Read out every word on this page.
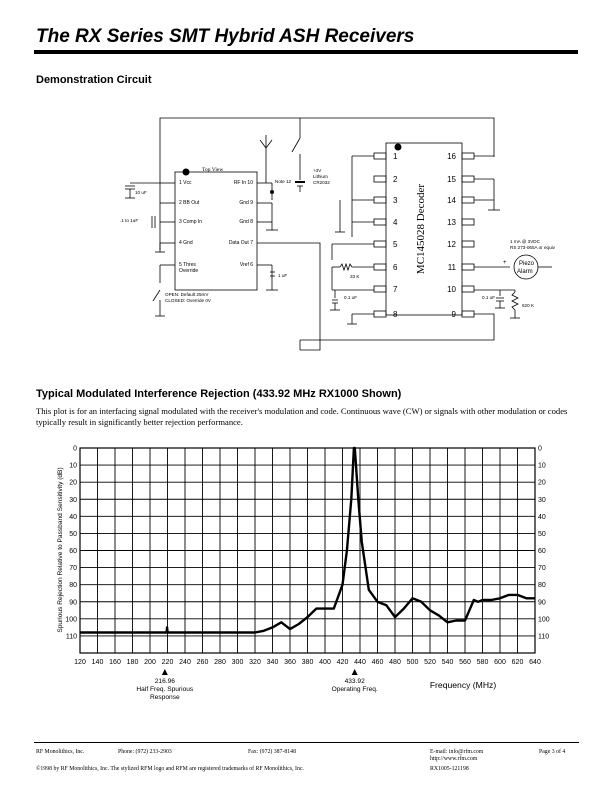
The RX Series SMT Hybrid ASH Receivers
Demonstration Circuit
Top View
1 Vcc
2 BB Out
3 Comp In
4 Gnd
5 Thres
Override
RF In 10
Gnd 9
Gnd 8
Data Out 7
Vref 6
10 uF
.1 to 1uF
1 uF
Note 12
+3V
Lithium
CR2032
OPEN: Default 25mV
CLOSED: Override 0V
33 K
0.1 uF	0.1 uF
620 K
1 mA @ 3VDC
RS 273-065A or equiv
Piezo
Alarm
+
MC145028 Decoder
1
2
3
4
5
6
7
8
16
15
14
13
12
11
10
9
Typical Modulated Interference Rejection (433.92 MHz RX1000 Shown)
This plot is for an interfacing signal modulated with the receiver's modulation and code. Continuous wave (CW) or signals with other modulation or codes typically result in significantly better rejection performance.
0
10
20
30
40
50
60
70
80
90
100
110
0
10
20
30
40
50
60
70
80
90
100
110
120 140 160 180 200 220 240 260 280 300 320 340 360 380 400 420 440 460 480 500 520 540 560 580 600 620 640
216.96
Half Freq. Spurious
Response
433.92
Operating Freq.
Spurious Rejection Relative to Passband Sensitivity (dB)
Frequency (MHz)
RF Monolithics, Inc.	Phone: (972) 233-2903	Fax: (972) 387-8148	E-mail: info@rfm.com
http://www.rfm.com
Page 3 of 4
©1998 by RF Monolithics, Inc. The stylized RFM logo and RFM are registered trademarks of RF Monolithics, Inc.	RX1005-121198
